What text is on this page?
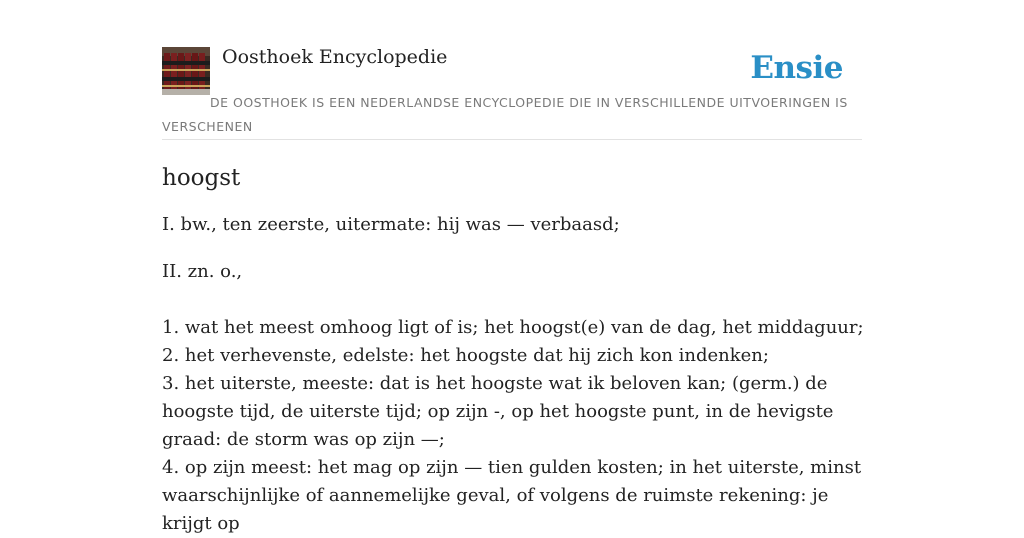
Oosthoek Encyclopedie	Ensie
DE OOSTHOEK IS EEN NEDERLANDSE ENCYCLOPEDIE DIE IN VERSCHILLENDE UITVOERINGEN IS VERSCHENEN
hoogst

I. bw., ten zeerste, uitermate: hij was — verbaasd;

II. zn. o.,

1. wat het meest omhoog ligt of is; het hoogst(e) van de dag, het middaguur;
2. het verhevenste, edelste: het hoogste dat hij zich kon indenken;
3. het uiterste, meeste: dat is het hoogste wat ik beloven kan; (germ.) de hoogste tijd, de uiterste tijd; op zijn -, op het hoogste punt, in de hevigste graad: de storm was op zijn —;
4. op zijn meest: het mag op zijn — tien gulden kosten; in het uiterste, minst waarschijnlijke of aannemelijke geval, of volgens de ruimste rekening: je krijgt op
